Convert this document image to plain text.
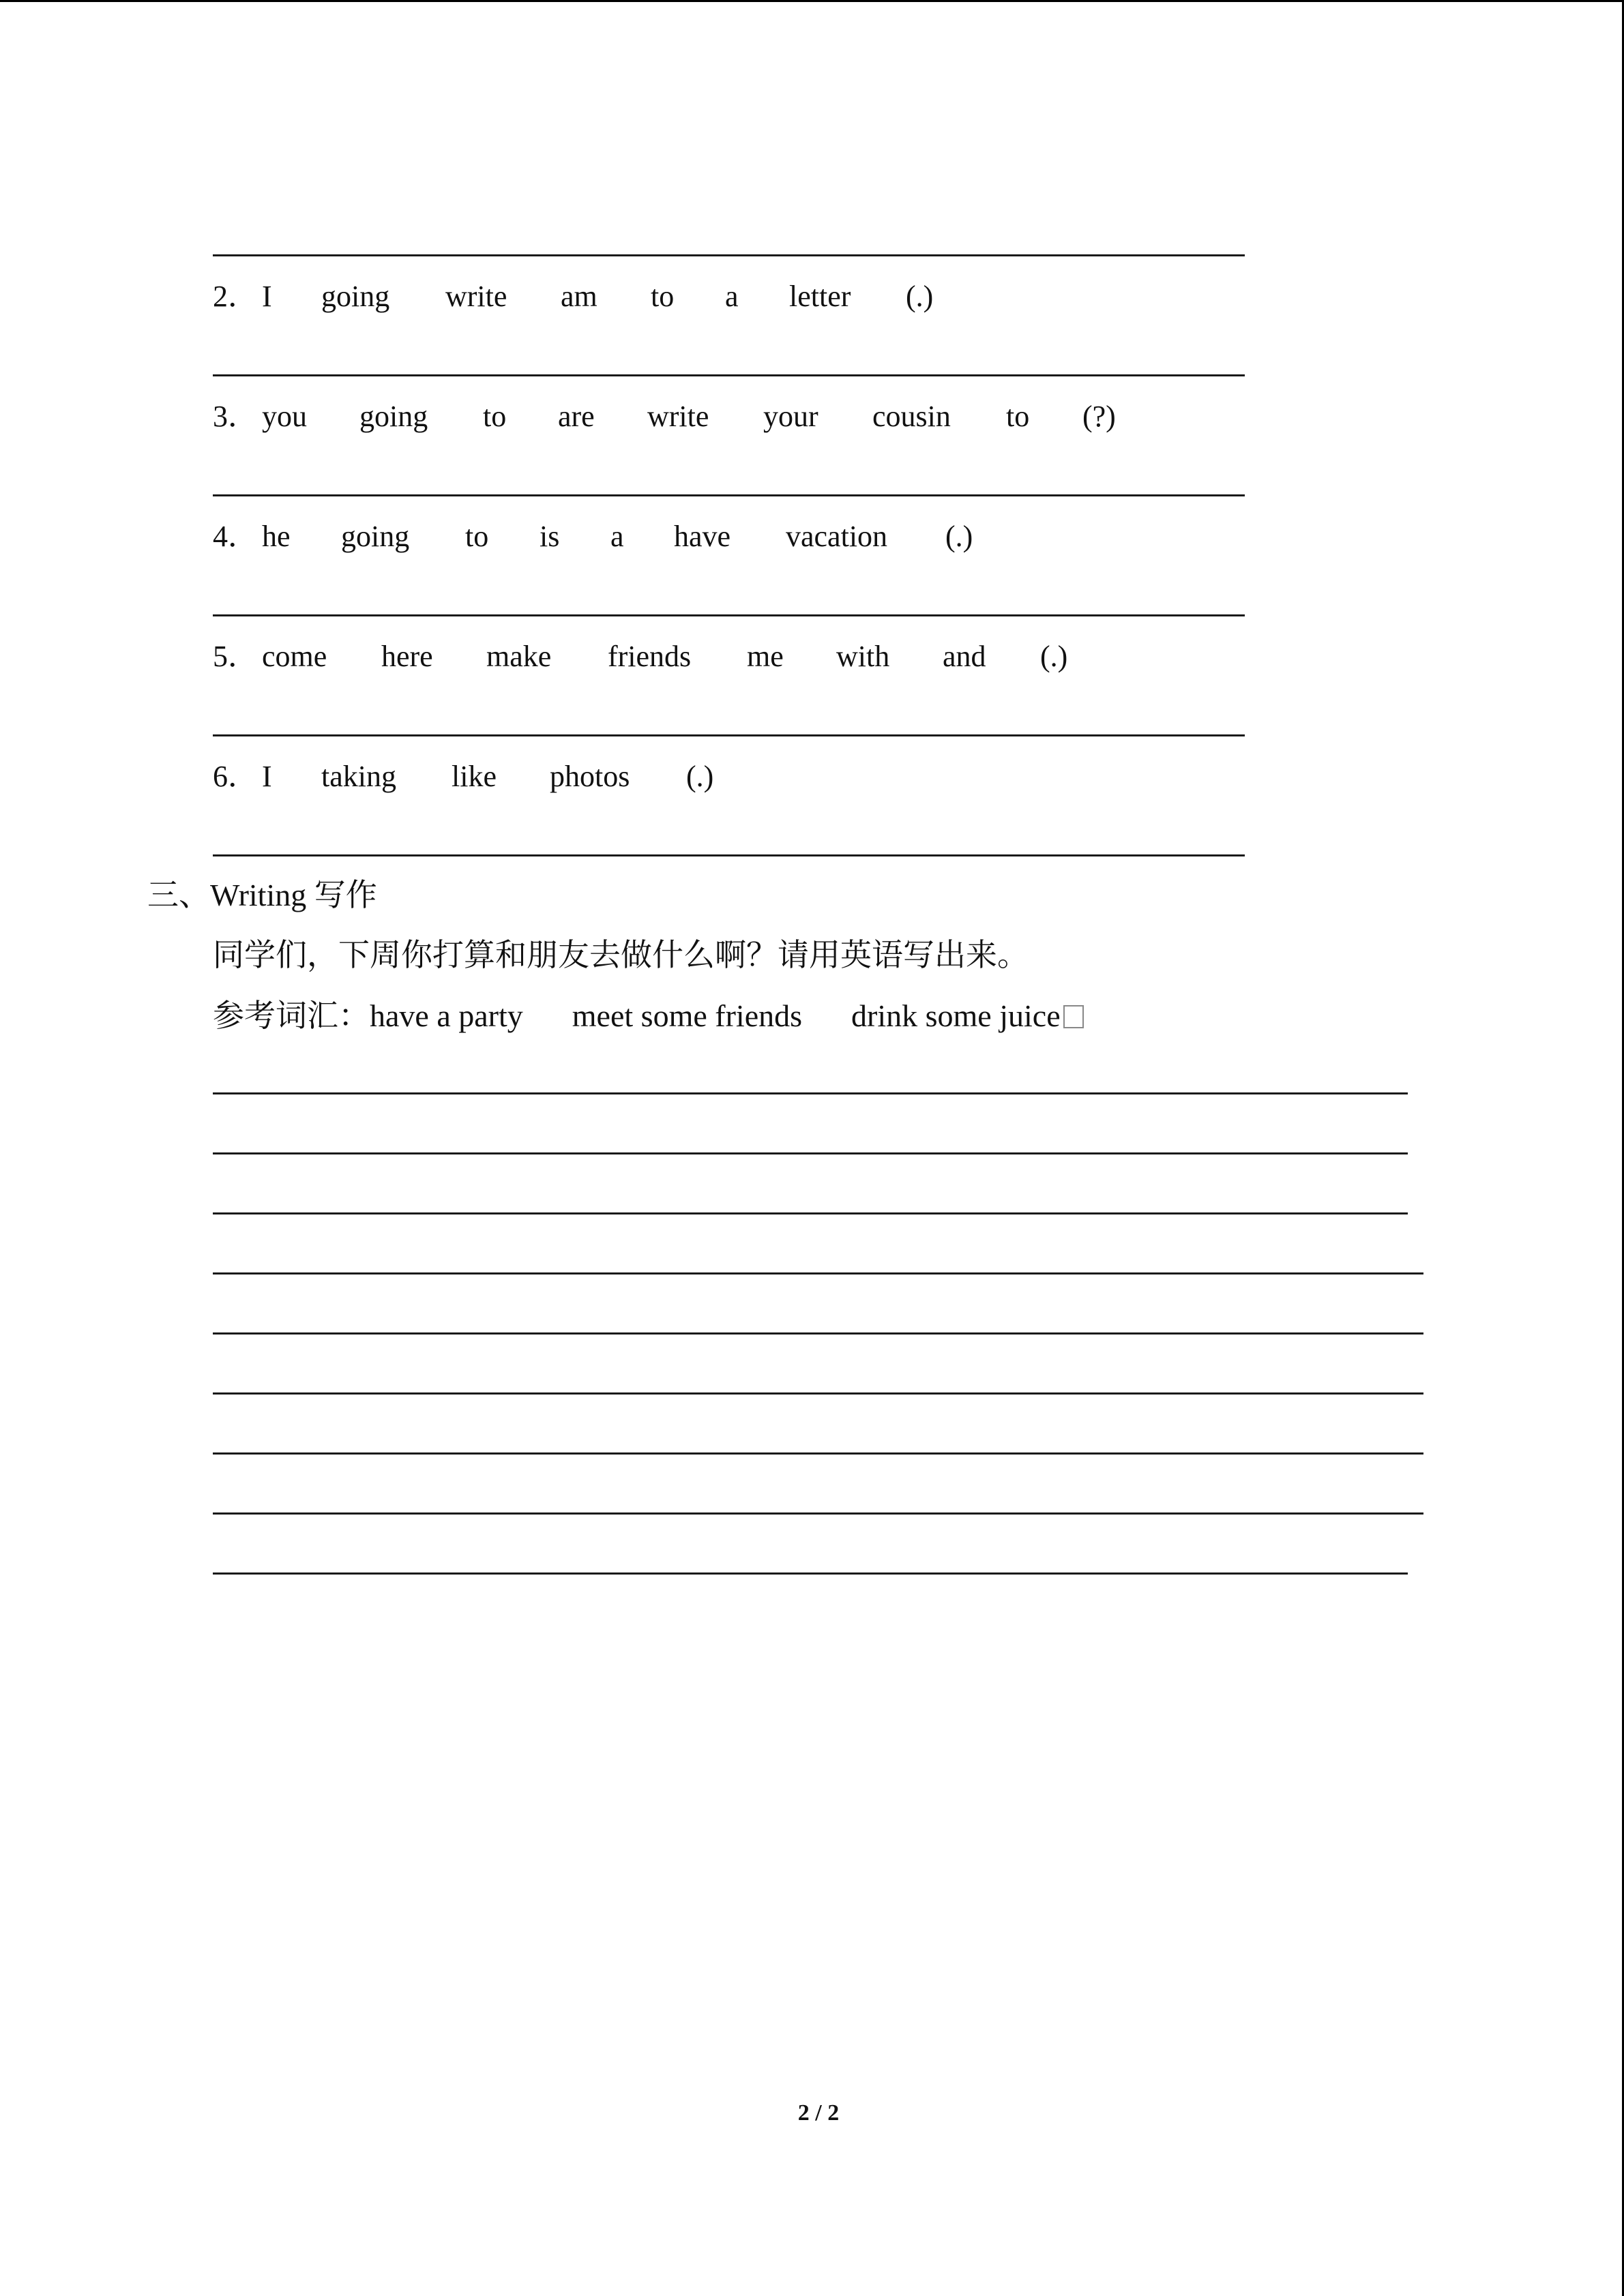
2． I going write am to a letter (.)
3． you going to are write your cousin to (?)
4． he going to is a have vacation (.)
5． come here make friends me with and (.)
6． I taking like photos (.)
三、Writing 写作
同学们，下周你打算和朋友去做什么啊？请用英语写出来。
参考词汇：have a party meet some friends drink some juice
2 / 2
